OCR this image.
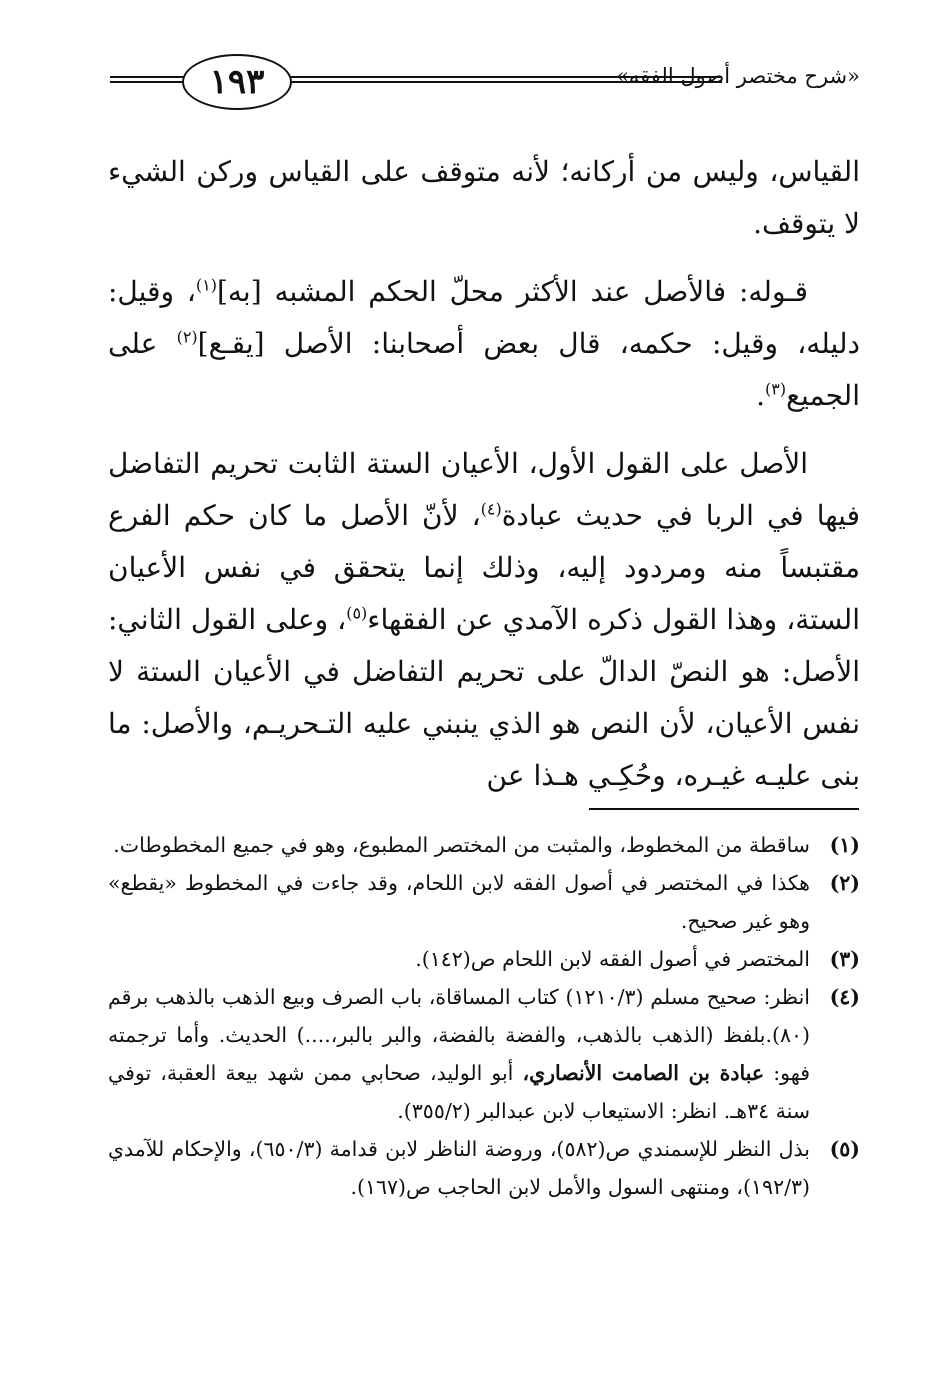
١٩٣	«شرح مختصر أصول الفقه»

القياس، وليس من أركانه؛ لأنه متوقف على القياس وركن الشيء لا يتوقف.

قـوله: فالأصل عند الأكثر محلّ الحكم المشبه [به]$^{(١)}$، وقيل: دليله، وقيل: حكمه، قال بعض أصحابنا: الأصل [يقـع]$^{(٢)}$ على الجميع$^{(٣)}$.

الأصل على القول الأول، الأعيان الستة الثابت تحريم التفاضل فيها في الربا في حديث عبادة$^{(٤)}$، لأنّ الأصل ما كان حكم الفرع مقتبساً منه ومردود إليه، وذلك إنما يتحقق في نفس الأعيان الستة، وهذا القول ذكره الآمدي عن الفقهاء$^{(٥)}$، وعلى القول الثاني: الأصل: هو النصّ الدالّ على تحريم التفاضل في الأعيان الستة لا نفس الأعيان، لأن النص هو الذي ينبني عليه التـحريـم، والأصل: ما بنى عليـه غيـره، وحُكِـي هـذا عن

(١)
ساقطة من المخطوط، والمثبت من المختصر المطبوع، وهو في جميع المخطوطات.
(٢)
هكذا في المختصر في أصول الفقه لابن اللحام، وقد جاءت في المخطوط «يقطع» وهو غير صحيح.
(٣)
المختصر في أصول الفقه لابن اللحام ص(١٤٢).
(٤)
انظر: صحيح مسلم (١٢١٠/٣) كتاب المساقاة، باب الصرف وبيع الذهب بالذهب برقم (٨٠).بلفظ (الذهب بالذهب، والفضة بالفضة، والبر بالبر،....) الحديث. وأما ترجمته فهو: عبادة بن الصامت الأنصاري، أبو الوليد، صحابي ممن شهد بيعة العقبة، توفي سنة ٣٤هـ. انظر: الاستيعاب لابن عبدالبر (٣٥٥/٢).
(٥)
بذل النظر للإسمندي ص(٥٨٢)، وروضة الناظر لابن قدامة (٦٥٠/٣)، والإحكام للآمدي (١٩٢/٣)، ومنتهى السول والأمل لابن الحاجب ص(١٦٧).
